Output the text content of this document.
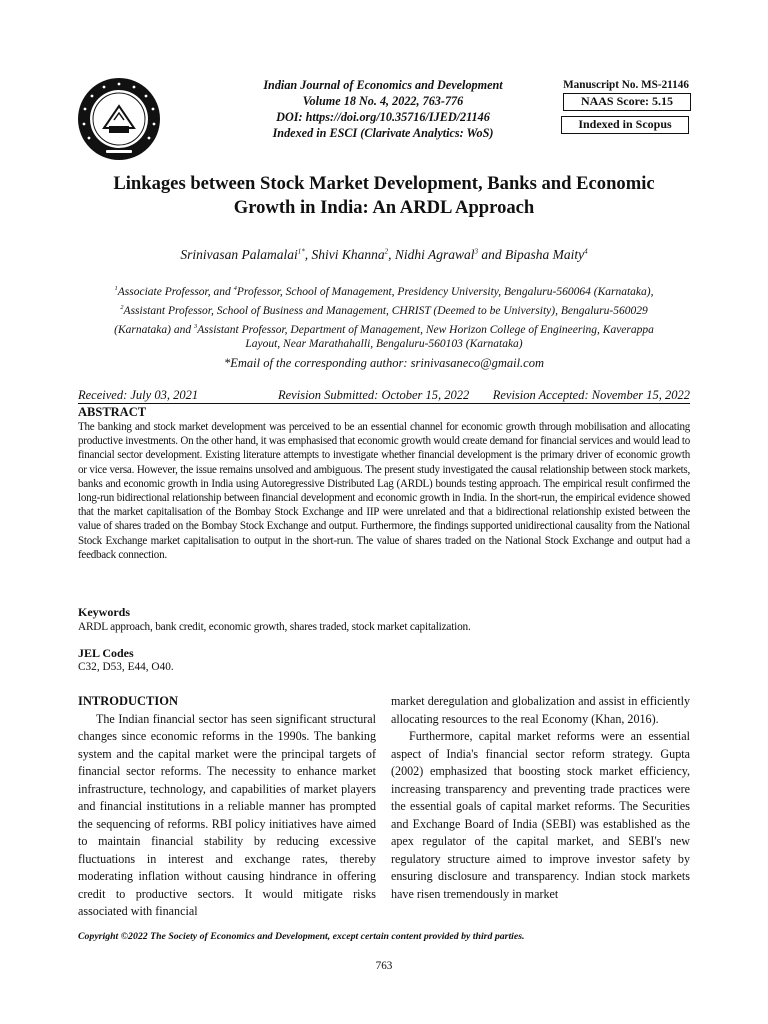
Indian Journal of Economics and Development
Volume 18 No. 4, 2022, 763-776
DOI: https://doi.org/10.35716/IJED/21146
Indexed in ESCI (Clarivate Analytics: WoS)
Manuscript No. MS-21146
NAAS Score: 5.15
Indexed in Scopus
Linkages between Stock Market Development, Banks and Economic
Growth in India: An ARDL Approach
Srinivasan Palamalai$^{1*}$, Shivi Khanna$^2$, Nidhi Agrawal$^3$ and Bipasha Maity$^4$
$^1$Associate Professor, and $^4$Professor, School of Management, Presidency University, Bengaluru-560064 (Karnataka),
$^2$Assistant Professor, School of Business and Management, CHRIST (Deemed to be University), Bengaluru-560029
(Karnataka) and $^3$Assistant Professor, Department of Management, New Horizon College of Engineering, Kaverappa
Layout, Near Marathahalli, Bengaluru-560103 (Karnataka)
*Email of the corresponding author: srinivasaneco@gmail.com
Received: July 03, 2021	Revision Submitted: October 15, 2022 Revision Accepted: November 15, 2022
ABSTRACT
The banking and stock market development was perceived to be an essential channel for economic growth through mobilisation and allocating productive investments. On the other hand, it was emphasised that economic growth would create demand for financial services and would lead to financial sector development. Existing literature attempts to investigate whether financial development is the primary driver of economic growth or vice versa. However, the issue remains unsolved and ambiguous. The present study investigated the causal relationship between stock markets, banks and economic growth in India using Autoregressive Distributed Lag (ARDL) bounds testing approach. The empirical result confirmed the long-run bidirectional relationship between financial development and economic growth in India. In the short-run, the empirical evidence showed that the market capitalisation of the Bombay Stock Exchange and IIP were unrelated and that a bidirectional relationship existed between the value of shares traded on the Bombay Stock Exchange and output. Furthermore, the findings supported unidirectional causality from the National Stock Exchange market capitalisation to output in the short-run. The value of shares traded on the National Stock Exchange and output had a feedback connection.
Keywords
ARDL approach, bank credit, economic growth, shares traded, stock market capitalization.
JEL Codes
C32, D53, E44, O40.
INTRODUCTION

The Indian financial sector has seen significant structural changes since economic reforms in the 1990s. The banking system and the capital market were the principal targets of financial sector reforms. The necessity to enhance market infrastructure, technology, and capabilities of market players and financial institutions in a reliable manner has prompted the sequencing of reforms. RBI policy initiatives have aimed to maintain financial stability by reducing excessive fluctuations in interest and exchange rates, thereby moderating inflation without causing hindrance in offering credit to productive sectors. It would mitigate risks associated with financial

market deregulation and globalization and assist in efficiently allocating resources to the real Economy (Khan, 2016).

Furthermore, capital market reforms were an essential aspect of India's financial sector reform strategy. Gupta (2002) emphasized that boosting stock market efficiency, increasing transparency and preventing trade practices were the essential goals of capital market reforms. The Securities and Exchange Board of India (SEBI) was established as the apex regulator of the capital market, and SEBI's new regulatory structure aimed to improve investor safety by ensuring disclosure and transparency. Indian stock markets have risen tremendously in market

Copyright ©2022 The Society of Economics and Development, except certain content provided by third parties.
763
